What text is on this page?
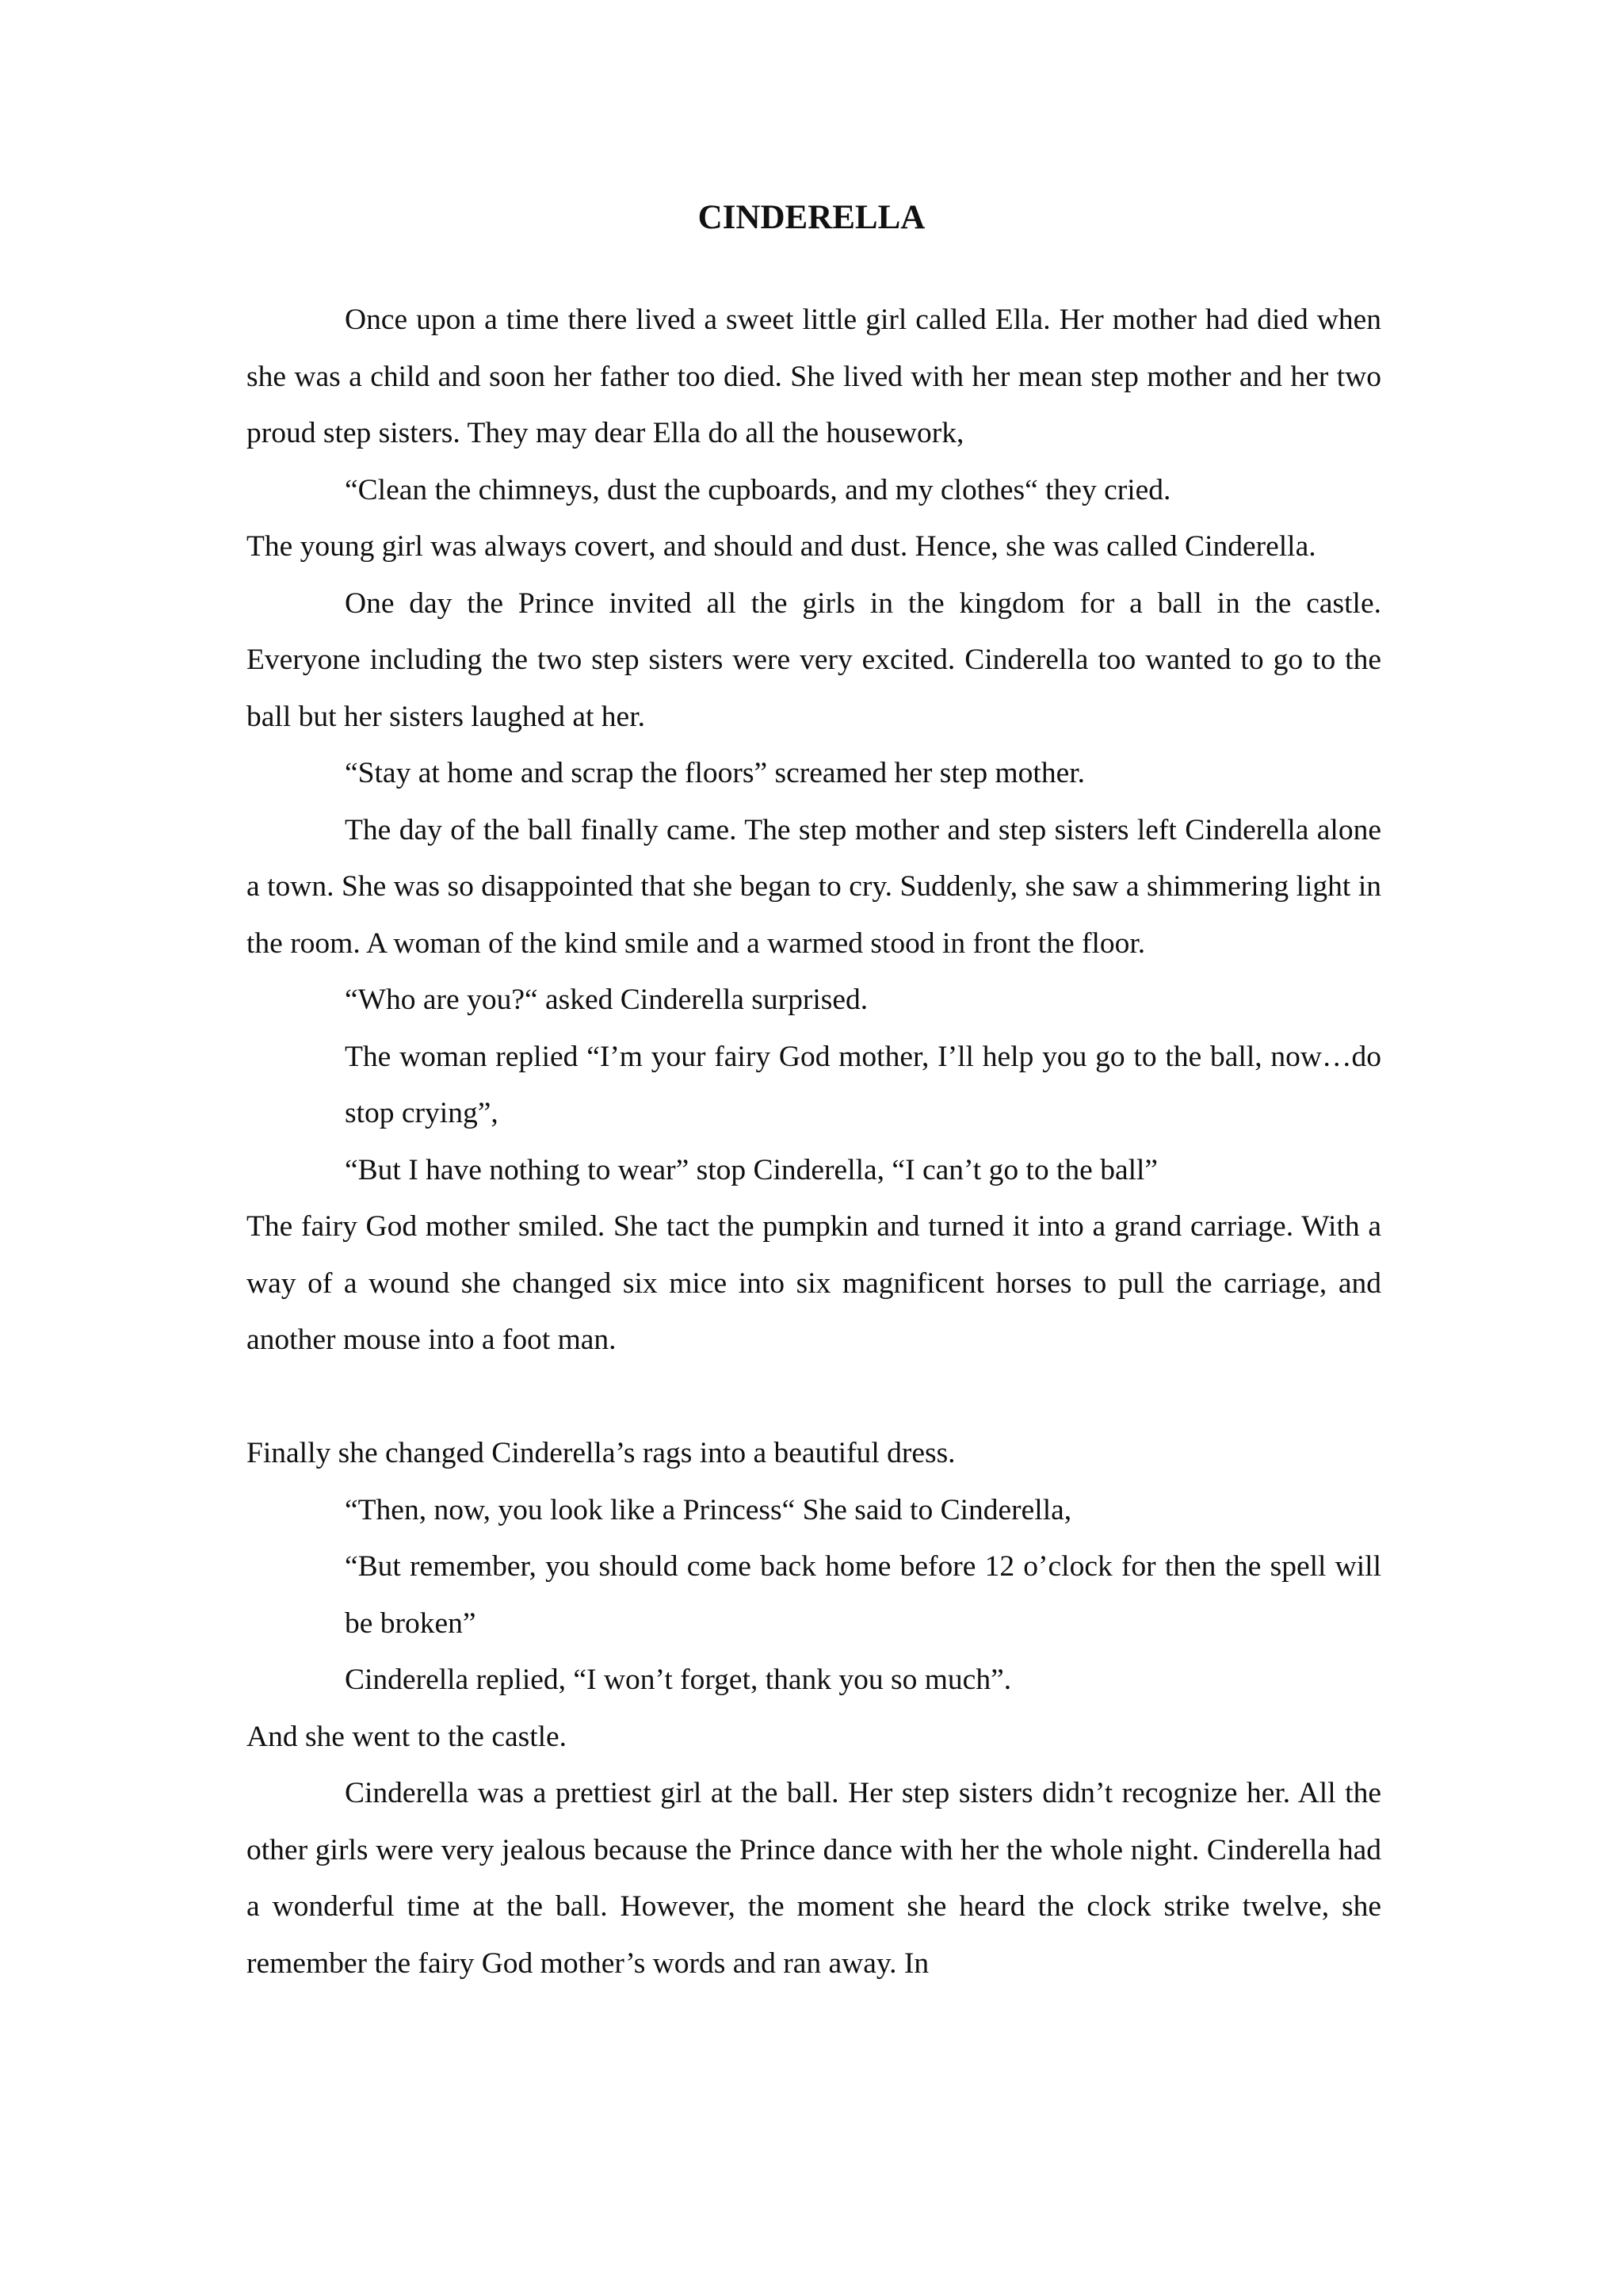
CINDERELLA

Once upon a time there lived a sweet little girl called Ella. Her mother had died when she was a child and soon her father too died. She lived with her mean step mother and her two proud step sisters. They may dear Ella do all the housework,

“Clean the chimneys, dust the cupboards, and my clothes“ they cried.

The young girl was always covert, and should and dust. Hence, she was called Cinderella.

One day the Prince invited all the girls in the kingdom for a ball in the castle. Everyone including the two step sisters were very excited. Cinderella too wanted to go to the ball but her sisters laughed at her.

“Stay at home and scrap the floors” screamed her step mother.

The day of the ball finally came. The step mother and step sisters left Cinderella alone a town. She was so disappointed that she began to cry. Suddenly, she saw a shimmering light in the room. A woman of the kind smile and a warmed stood in front the floor.

“Who are you?“ asked Cinderella surprised.

The woman replied “I’m your fairy God mother, I’ll help you go to the ball, now…do stop crying”,

“But I have nothing to wear” stop Cinderella, “I can’t go to the ball”

The fairy God mother smiled. She tact the pumpkin and turned it into a grand carriage. With a way of a wound she changed six mice into six magnificent horses to pull the carriage, and another mouse into a foot man.

Finally she changed Cinderella’s rags into a beautiful dress.

“Then, now, you look like a Princess“ She said to Cinderella,

“But remember, you should come back home before 12 o’clock for then the spell will be broken”

Cinderella replied, “I won’t forget, thank you so much”.

And she went to the castle.

Cinderella was a prettiest girl at the ball. Her step sisters didn’t recognize her. All the other girls were very jealous because the Prince dance with her the whole night. Cinderella had a wonderful time at the ball. However, the moment she heard the clock strike twelve, she remember the fairy God mother’s words and ran away. In
